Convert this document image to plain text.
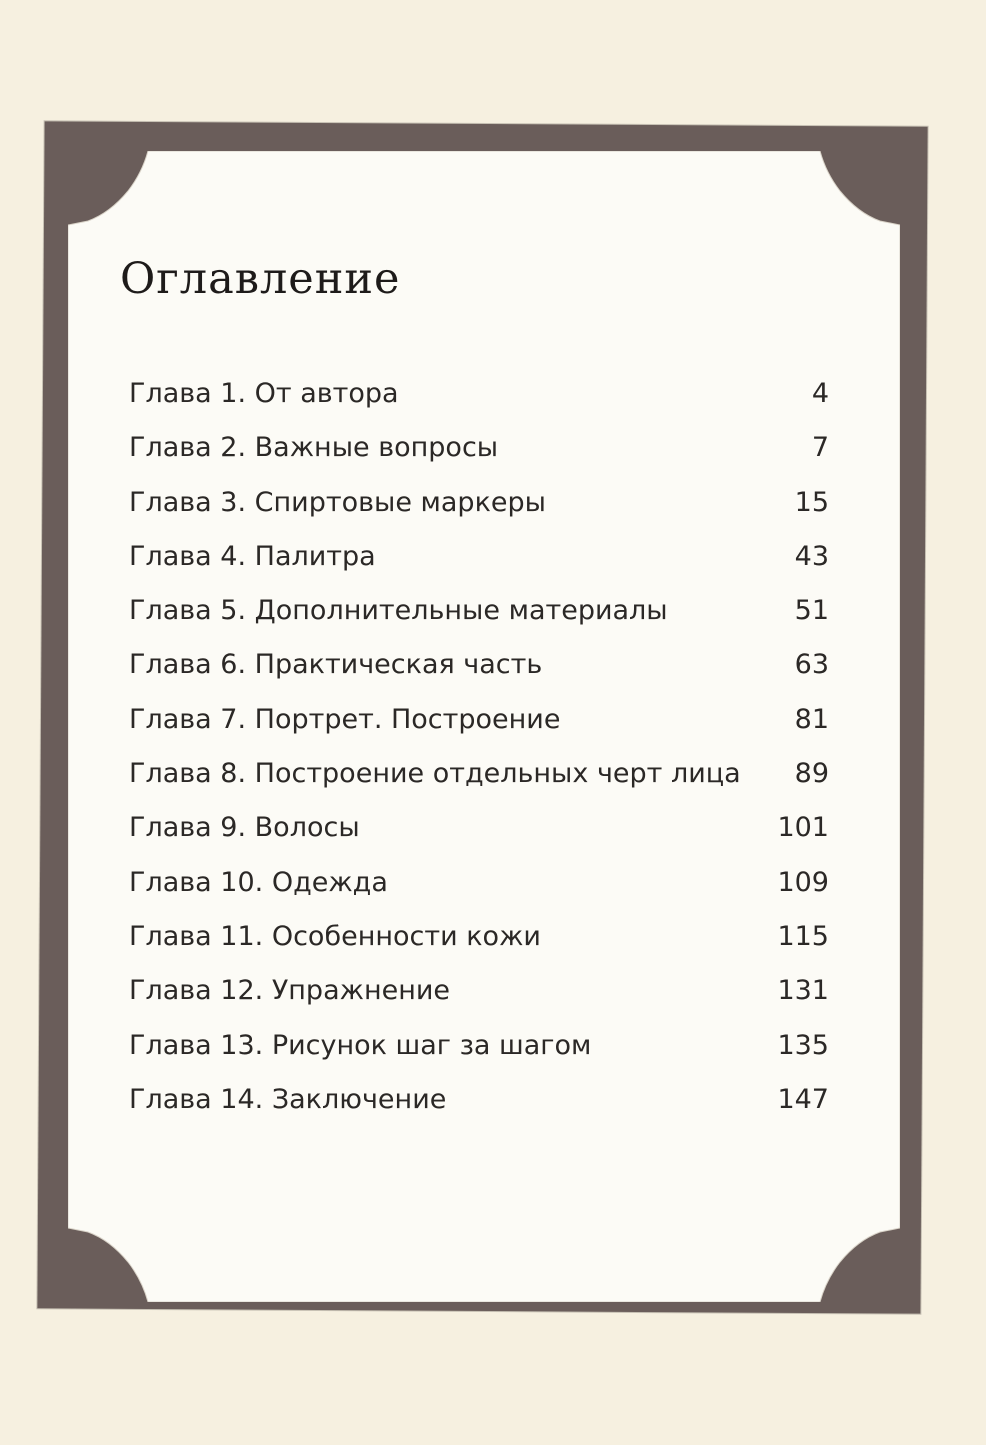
Оглавление
Глава 1. От автора	4
Глава 2. Важные вопросы	7
Глава 3. Спиртовые маркеры	15
Глава 4. Палитра	43
Глава 5. Дополнительные материалы	51
Глава 6. Практическая часть	63
Глава 7. Портрет. Построение	81
Глава 8. Построение отдельных черт лица 89
Глава 9. Волосы	101
Глава 10. Одежда	109
Глава 11. Особенности кожи	115
Глава 12. Упражнение	131
Глава 13. Рисунок шаг за шагом	135
Глава 14. Заключение	147
